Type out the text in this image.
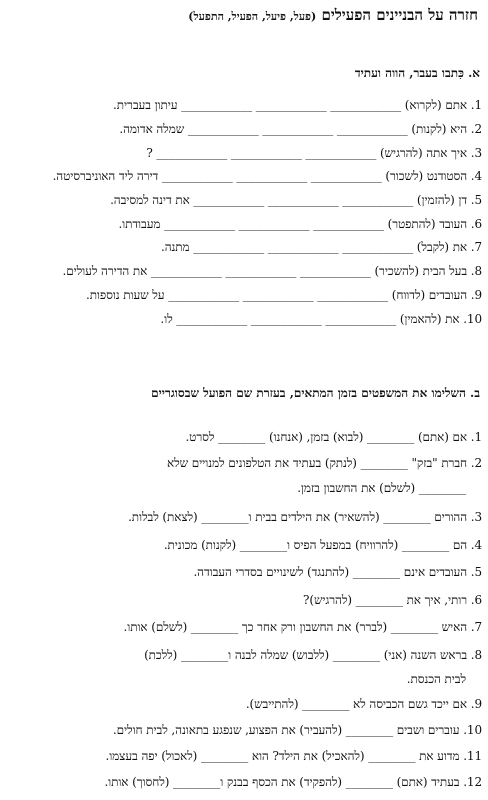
חזרה על הבניינים הפעילים (פעל, פיעל, הפעיל, התפעל)
א. כִּתבו בעבר, הווה ועתיד
1. אתם (לקרוא) ____________ ____________ ____________ עיתון בעברית.
2. היא (לקנות) ____________ ____________ ____________ שמלה אדומה.
3. איך אתה (להרגיש) ____________ ____________ ____________ ?
4. הסטודנט (לשכור) ____________ ____________ ____________ דירה ליד האוניברסיטה.
5. דן (להזמין) ____________ ____________ ____________ את דינה למסיבה.
6. העובד (להתפטר) ____________ ____________ ____________ מעבודתו.
7. את (לקבל) ____________ ____________ ____________ מתנה.
8. בעל הבית (להשכיר) ____________ ____________ ____________ את הדירה לעולים.
9. העובדים (לדווח) ____________ ____________ ____________ על שעות נוספות.
10. את (להאמין) ____________ ____________ ____________ לו.
ב. השלימו את המשפטים בזמן המתאים, בעזרת שם הפועל שבסוגריים
1. אם (אתם) ________ (לבוא) בזמן, (אנחנו) ________ לסרט.
2. חברת "בזק" ________ (לנתק) בעתיד את הטלפונים למנויים שלא
________ (לשלם) את החשבון בזמן.
3. ההורים ________ (להשאיר) את הילדים בבית ו________ (לצאת) לבלות.
4. הם ________ (להרוויח) במפעל הפיס ו________ (לקנות) מכונית.
5. העובדים אינם ________ (להתנגד) לשינויים בסדרי העבודה.
6. רותי, איך את ________ (להרגיש)?
7. האיש ________ (לברר) את החשבון ורק אחר כך ________ (לשלם) אותו.
8. בראש השנה (אני) ________ (ללבוש) שמלה לבנה ו________ (ללכת)
לבית הכנסת.
9. אם ייכד גשם הכביסה לא ________ (להתייבש).
10. עוברים ושבים ________ (להעביר) את הפצוע, שנפגע בתאונה, לבית חולים.
11. מדוע את ________ (להאכיל) את הילד? הוא ________ (לאכול) יפה בעצמו.
12. בעתיד (אתם) ________ (להפקיד) את הכסף בבנק ו________ (לחסוך) אותו.
